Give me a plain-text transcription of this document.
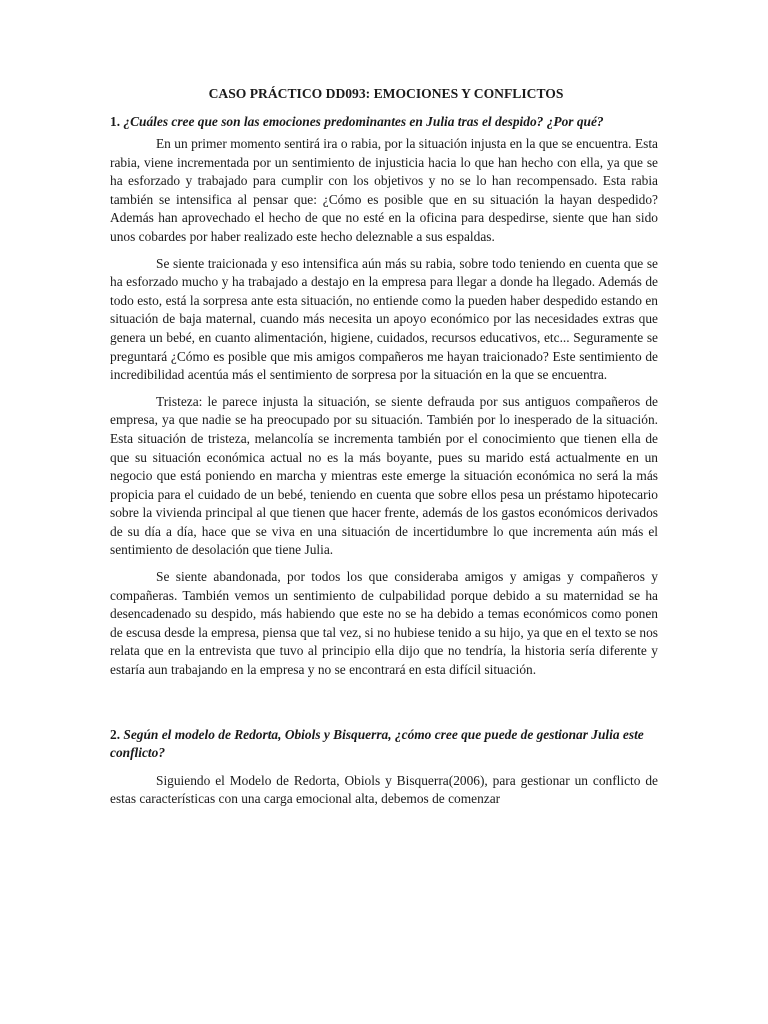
CASO PRÁCTICO DD093: EMOCIONES Y CONFLICTOS
1. ¿Cuáles cree que son las emociones predominantes en Julia tras el despido? ¿Por qué?

En un primer momento sentirá ira o rabia, por la situación injusta en la que se encuentra. Esta rabia, viene incrementada por un sentimiento de injusticia hacia lo que han hecho con ella, ya que se ha esforzado y trabajado para cumplir con los objetivos y no se lo han recompensado. Esta rabia también se intensifica al pensar que: ¿Cómo es posible que en su situación la hayan despedido? Además han aprovechado el hecho de que no esté en la oficina para despedirse, siente que han sido unos cobardes por haber realizado este hecho deleznable a sus espaldas.

Se siente traicionada y eso intensifica aún más su rabia, sobre todo teniendo en cuenta que se ha esforzado mucho y ha trabajado a destajo en la empresa para llegar a donde ha llegado. Además de todo esto, está la sorpresa ante esta situación, no entiende como la pueden haber despedido estando en situación de baja maternal, cuando más necesita un apoyo económico por las necesidades extras que genera un bebé, en cuanto alimentación, higiene, cuidados, recursos educativos, etc... Seguramente se preguntará ¿Cómo es posible que mis amigos compañeros me hayan traicionado? Este sentimiento de incredibilidad acentúa más el sentimiento de sorpresa por la situación en la que se encuentra.

Tristeza: le parece injusta la situación, se siente defrauda por sus antiguos compañeros de empresa, ya que nadie se ha preocupado por su situación. También por lo inesperado de la situación. Esta situación de tristeza, melancolía se incrementa también por el conocimiento que tienen ella de que su situación económica actual no es la más boyante, pues su marido está actualmente en un negocio que está poniendo en marcha y mientras este emerge la situación económica no será la más propicia para el cuidado de un bebé, teniendo en cuenta que sobre ellos pesa un préstamo hipotecario sobre la vivienda principal al que tienen que hacer frente, además de los gastos económicos derivados de su día a día, hace que se viva en una situación de incertidumbre lo que incrementa aún más el sentimiento de desolación que tiene Julia.

Se siente abandonada, por todos los que consideraba amigos y amigas y compañeros y compañeras. También vemos un sentimiento de culpabilidad porque debido a su maternidad se ha desencadenado su despido, más habiendo que este no se ha debido a temas económicos como ponen de escusa desde la empresa, piensa que tal vez, si no hubiese tenido a su hijo, ya que en el texto se nos relata que en la entrevista que tuvo al principio ella dijo que no tendría, la historia sería diferente y estaría aun trabajando en la empresa y no se encontrará en esta difícil situación.

2. Según el modelo de Redorta, Obiols y Bisquerra, ¿cómo cree que puede de gestionar Julia este conflicto?

Siguiendo el Modelo de Redorta, Obiols y Bisquerra(2006), para gestionar un conflicto de estas características con una carga emocional alta, debemos de comenzar
